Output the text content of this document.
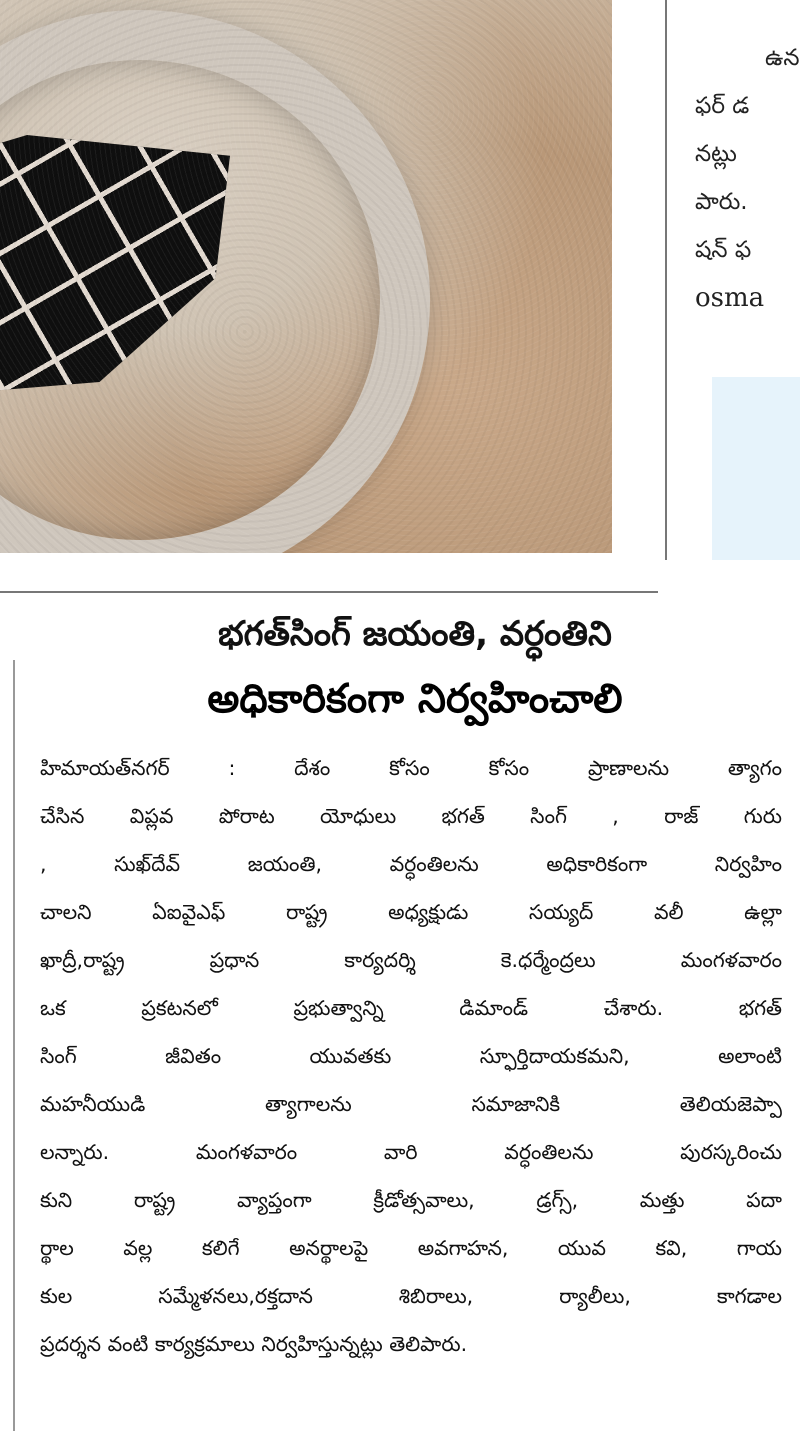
ఉన
ఫర్ డ
నట్లు
పారు.
షన్ ఫ
osma
భగత్‌సింగ్ జయంతి, వర్ధంతిని
అధికారికంగా నిర్వహించాలి
హిమాయత్‌నగర్ : దేశం కోసం కోసం ప్రాణాలను త్యాగం
చేసిన విప్లవ పోరాట యోధులు భగత్ సింగ్ , రాజ్ గురు
, సుఖ్‌దేవ్ జయంతి, వర్ధంతిలను అధికారికంగా నిర్వహిం
చాలని ఏఐవైఎఫ్ రాష్ట్ర అధ్యక్షుడు సయ్యద్ వలీ ఉల్లా
ఖాద్రీ,రాష్ట్ర ప్రధాన కార్యదర్శి కె.ధర్మేంద్రలు మంగళవారం
ఒక ప్రకటనలో ప్రభుత్వాన్ని డిమాండ్ చేశారు. భగత్
సింగ్ జీవితం యువతకు స్ఫూర్తిదాయకమని, అలాంటి
మహనీయుడి త్యాగాలను సమాజానికి తెలియజెప్పా
లన్నారు. మంగళవారం వారి వర్ధంతిలను పురస్కరించు
కుని రాష్ట్ర వ్యాప్తంగా క్రీడోత్సవాలు, డ్రగ్స్, మత్తు పదా
ర్థాల వల్ల కలిగే అనర్థాలపై అవగాహన, యువ కవి, గాయ
కుల సమ్మేళనలు,రక్తదాన శిబిరాలు, ర్యాలీలు, కాగడాల
ప్రదర్శన వంటి కార్యక్రమాలు నిర్వహిస్తున్నట్లు తెలిపారు.
